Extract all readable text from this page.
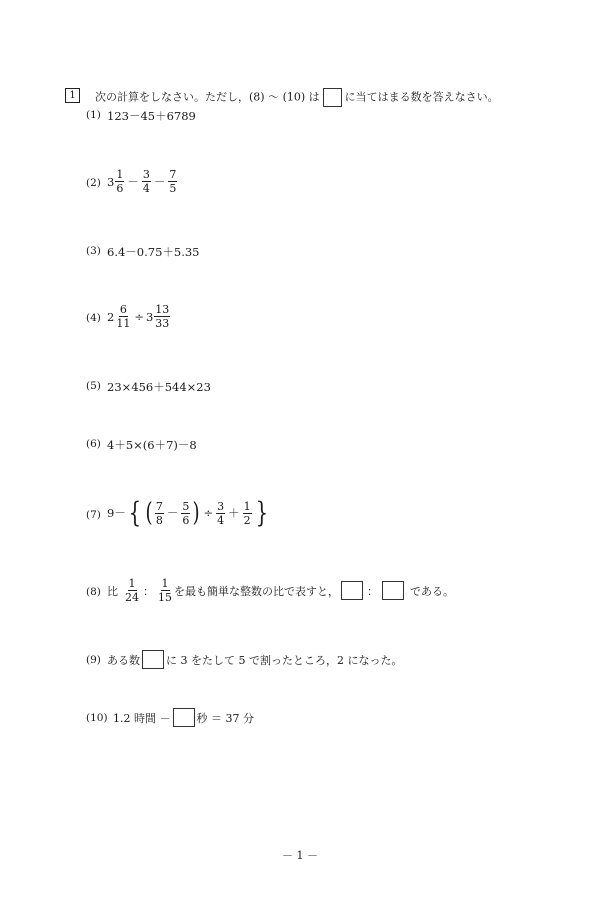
1	次の計算をしなさい。ただし，(8) ～ (10) は に当てはまる数を答えなさい。
(1) 123－45＋6789
(2) $3 \frac{1}{6} - \frac{3}{4} - \frac{7}{5}$
(3) 6.4－0.75＋5.35
(4) $2 \frac{6}{11} \div 3 \frac{13}{33}$
(5) 23×456＋544×23
(6) 4＋5×(6＋7)－8
(7) 9－ { ( $\frac{7}{8} - \frac{5}{6}$ ) ÷ $\frac{3}{4} + \frac{1}{2}$ }
(8) 比 $\frac{1}{24}$ ： $\frac{1}{15}$ を最も簡単な整数の比で表すと，	：	である。
(9) ある数 に 3 をたして 5 で割ったところ，2 になった。
(10) 1.2 時間 － 秒 ＝ 37 分
－ 1 －
